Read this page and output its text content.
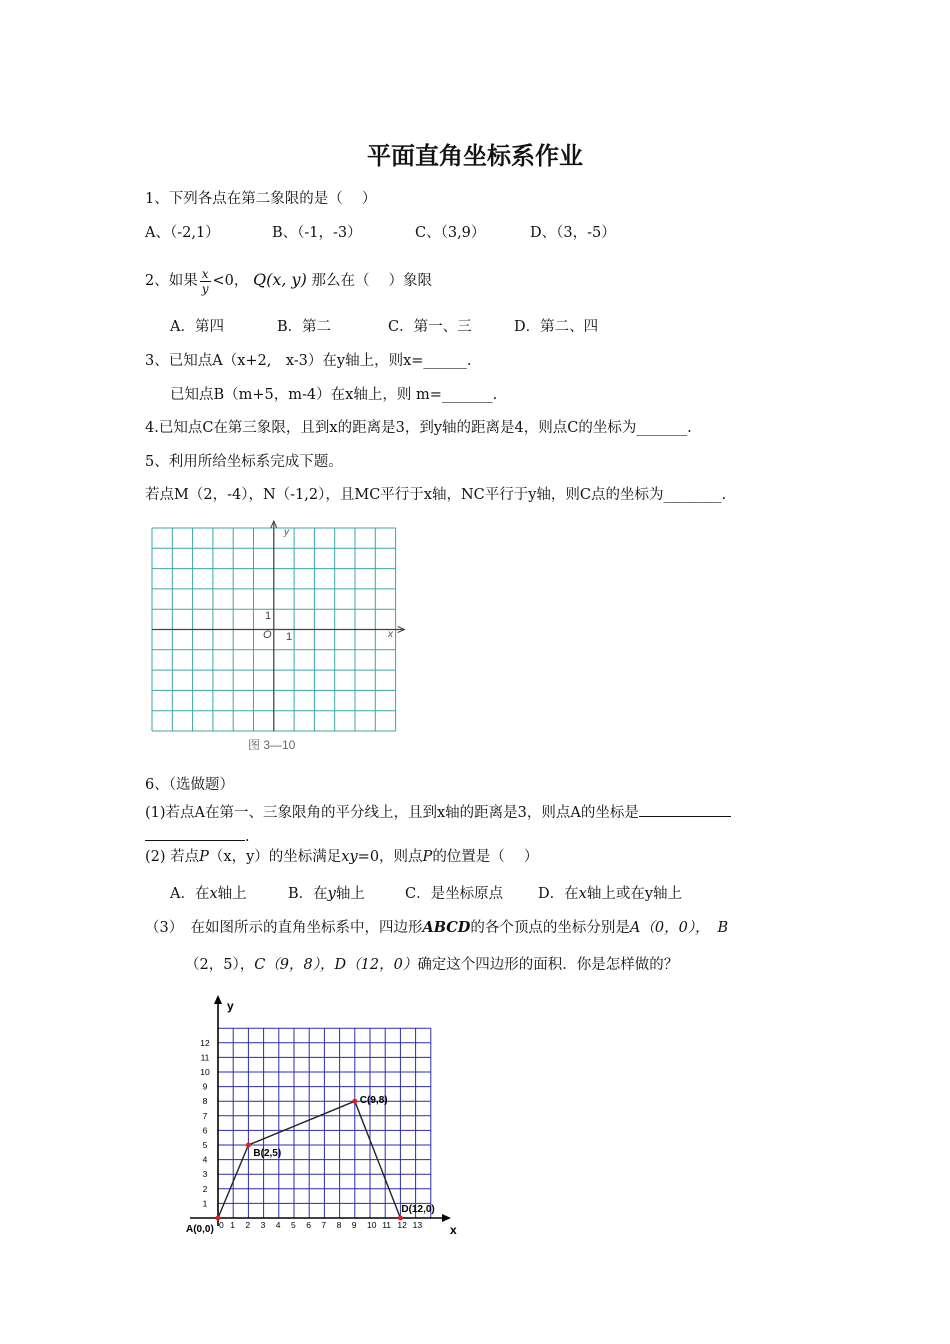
平面直角坐标系作业
1、下列各点在第二象限的是（　 ）
A、（-2,1）	B、（-1，-3）	C、（3,9）	D、（3，-5）
2、如果 $\frac{x}{y} <0$， Q(x, y) 那么在（　 ）象限
A．第四	B．第二	C．第一、三	D．第二、四
3、已知点A（x+2,　x-3）在y轴上，则x=______.
已知点B（m+5，m-4）在x轴上，则 m=_______.
4.已知点C在第三象限，且到x的距离是3，到y轴的距离是4，则点C的坐标为_______.
5、利用所给坐标系完成下题。
若点M（2，-4），N（-1,2），且MC平行于x轴，NC平行于y轴，则C点的坐标为________.
y
x
O
1
1
图 3—10
6、（选做题）
(1)若点A在第一、三象限角的平分线上，且到x轴的距离是3，则点A的坐标是
.
(2) 若点P（x，y）的坐标满足xy=0，则点P的位置是（　 ）
A．在x轴上	B．在y轴上	C．是坐标原点 D．在x轴上或在y轴上
（3）　在如图所示的直角坐标系中，四边形ABCD的各个顶点的坐标分别是A（0，0）， B
（2，5），C（9，8），D（12，0）确定这个四边形的面积．你是怎样做的？
0 1 2 3 4 5 6 7 8 9 10 11 12 13
1
2
3
4
5
6
7
8
9
10
11
12
A(0,0)
B(2,5)
C(9,8)
D(12,0)
y
x
